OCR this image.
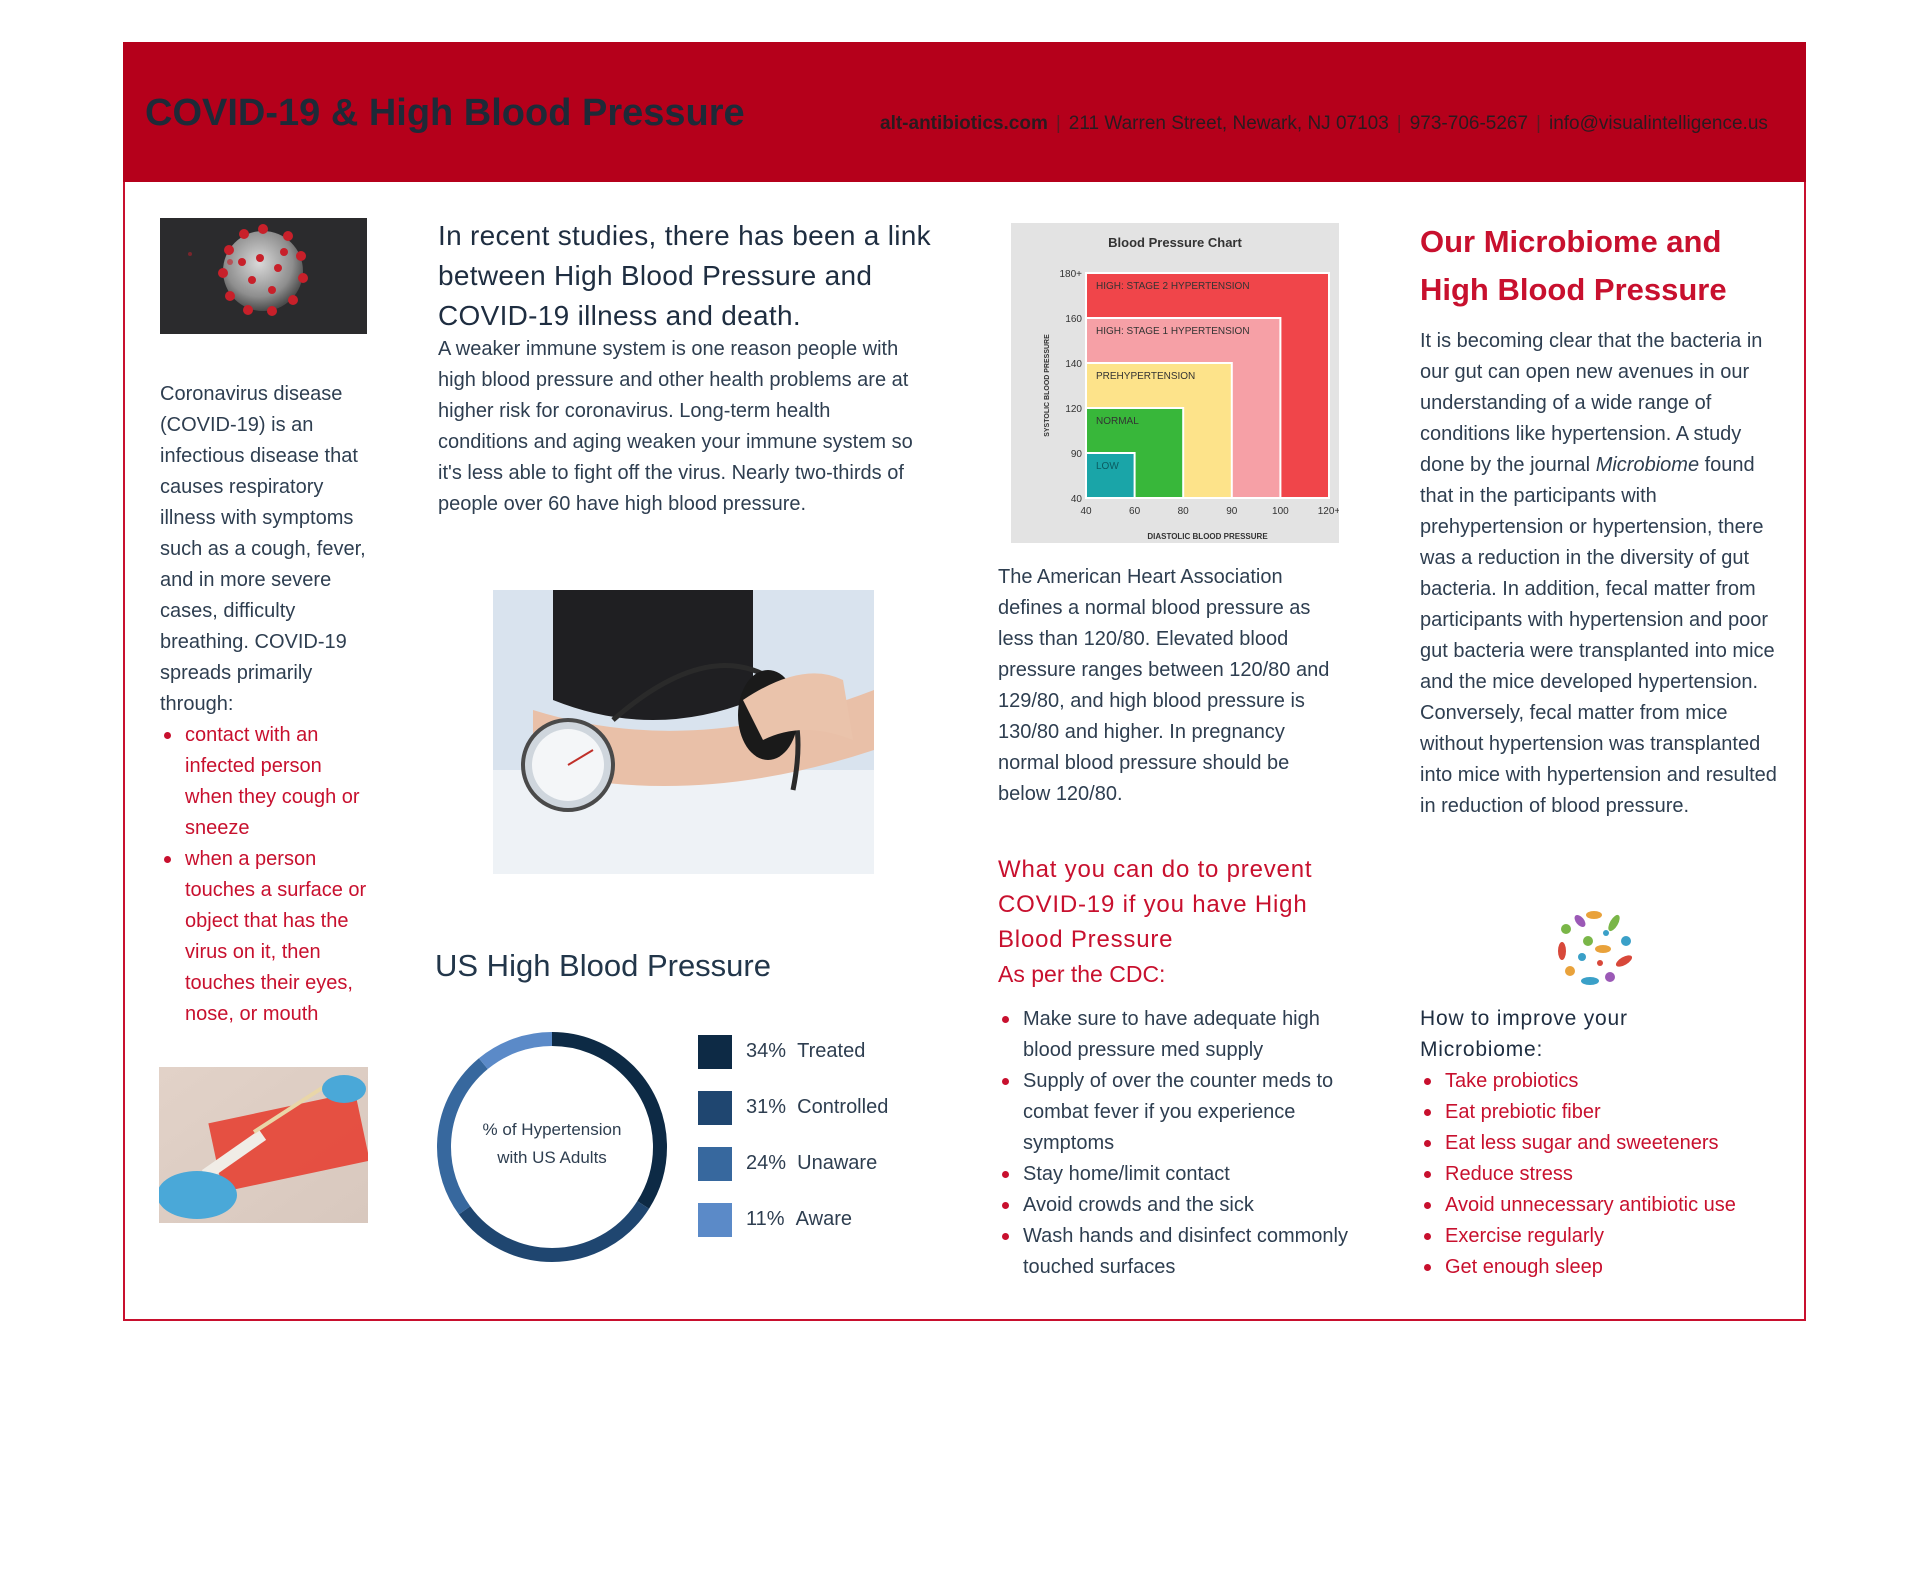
COVID-19 & High Blood Pressure	alt-antibiotics.com | 211 Warren Street, Newark, NJ 07103 | 973-706-5267 | info@visualintelligence.us
Coronavirus disease (COVID-19) is an infectious disease that causes respiratory illness with symptoms such as a cough, fever, and in more severe cases, difficulty breathing. COVID-19 spreads primarily through:
contact with an infected person when they cough or sneeze
when a person touches a surface or object that has the virus on it, then touches their eyes, nose, or mouth
In recent studies, there has been a link between High Blood Pressure and COVID-19 illness and death.
A weaker immune system is one reason people with high blood pressure and other health problems are at higher risk for coronavirus. Long-term health conditions and aging weaken your immune system so it's less able to fight off the virus. Nearly two-thirds of people over 60 have high blood pressure.
US High Blood Pressure
% of Hypertension
with US Adults
34% Treated
31% Controlled
24% Unaware
11% Aware
Blood Pressure Chart
HIGH: STAGE 2 HYPERTENSION
HIGH: STAGE 1 HYPERTENSION
PREHYPERTENSION
NORMAL
LOW
40	60	80	90	100	120+
40
90
120
140
160
180+
DIASTOLIC BLOOD PRESSURE
SYSTOLIC BLOOD PRESSURE
The American Heart Association defines a normal blood pressure as less than 120/80. Elevated blood pressure ranges between 120/80 and 129/80, and high blood pressure is 130/80 and higher. In pregnancy normal blood pressure should be below 120/80.
What you can do to prevent COVID-19 if you have High Blood Pressure
As per the CDC:
Make sure to have adequate high blood pressure med supply
Supply of over the counter meds to combat fever if you experience symptoms
Stay home/limit contact
Avoid crowds and the sick
Wash hands and disinfect commonly touched surfaces
Our Microbiome and High Blood Pressure
It is becoming clear that the bacteria in our gut can open new avenues in our understanding of a wide range of conditions like hypertension. A study done by the journal Microbiome found that in the participants with prehypertension or hypertension, there was a reduction in the diversity of gut bacteria. In addition, fecal matter from participants with hypertension and poor gut bacteria were transplanted into mice and the mice developed hypertension. Conversely, fecal matter from mice without hypertension was transplanted into mice with hypertension and resulted in reduction of blood pressure.
How to improve your Microbiome:
Take probiotics
Eat prebiotic fiber
Eat less sugar and sweeteners
Reduce stress
Avoid unnecessary antibiotic use
Exercise regularly
Get enough sleep
